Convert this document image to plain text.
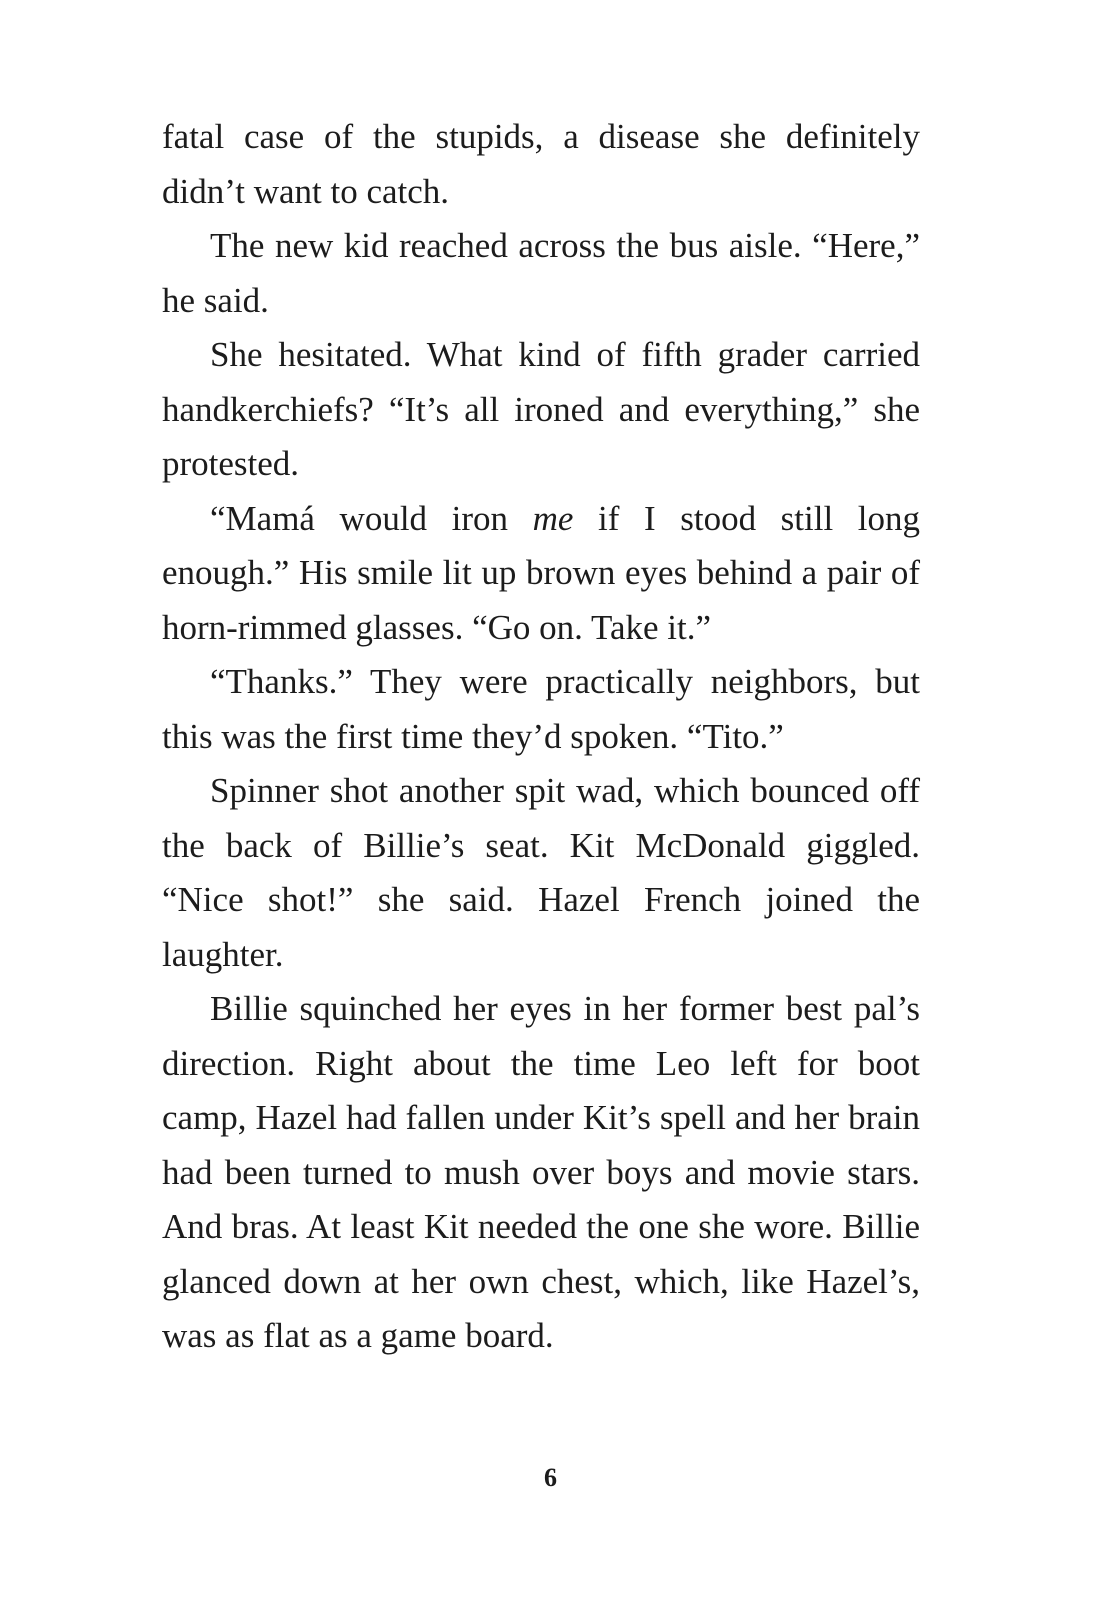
fatal case of the stupids, a disease she definitely didn’t want to catch.

The new kid reached across the bus aisle. “Here,” he said.

She hesitated. What kind of fifth grader carried handkerchiefs? “It’s all ironed and everything,” she protested.

“Mamá would iron me if I stood still long enough.” His smile lit up brown eyes behind a pair of horn-rimmed glasses. “Go on. Take it.”

“Thanks.” They were practically neighbors, but this was the first time they’d spoken. “Tito.”

Spinner shot another spit wad, which bounced off the back of Billie’s seat. Kit McDonald giggled. “Nice shot!” she said. Hazel French joined the laughter.

Billie squinched her eyes in her former best pal’s direction. Right about the time Leo left for boot camp, Hazel had fallen under Kit’s spell and her brain had been turned to mush over boys and movie stars. And bras. At least Kit needed the one she wore. Billie glanced down at her own chest, which, like Hazel’s, was as flat as a game board.

6
